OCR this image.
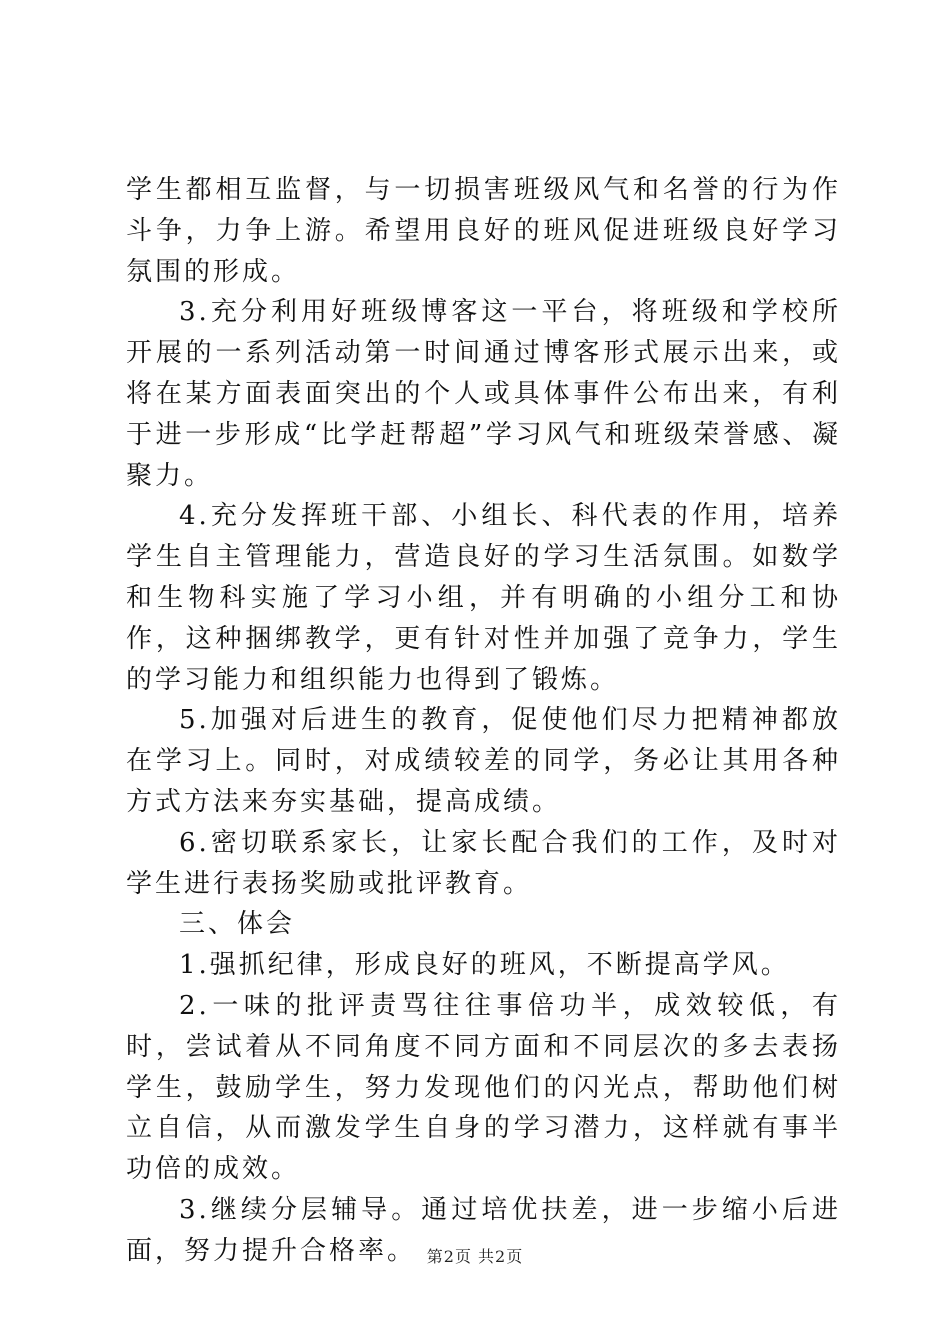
学生都相互监督，与一切损害班级风气和名誉的行为作斗争，力争上游。希望用良好的班风促进班级良好学习氛围的形成。

3.充分利用好班级博客这一平台，将班级和学校所开展的一系列活动第一时间通过博客形式展示出来，或将在某方面表面突出的个人或具体事件公布出来，有利于进一步形成“比学赶帮超”学习风气和班级荣誉感、凝聚力。

4.充分发挥班干部、小组长、科代表的作用，培养学生自主管理能力，营造良好的学习生活氛围。如数学和生物科实施了学习小组，并有明确的小组分工和协作，这种捆绑教学，更有针对性并加强了竞争力，学生的学习能力和组织能力也得到了锻炼。

5.加强对后进生的教育，促使他们尽力把精神都放在学习上。同时，对成绩较差的同学，务必让其用各种方式方法来夯实基础，提高成绩。

6.密切联系家长，让家长配合我们的工作，及时对学生进行表扬奖励或批评教育。

三、体会

1.强抓纪律，形成良好的班风，不断提高学风。

2.一味的批评责骂往往事倍功半，成效较低，有时，尝试着从不同角度不同方面和不同层次的多去表扬学生，鼓励学生，努力发现他们的闪光点，帮助他们树立自信，从而激发学生自身的学习潜力，这样就有事半功倍的成效。

3.继续分层辅导。通过培优扶差，进一步缩小后进面，努力提升合格率。 第2页 共2页
